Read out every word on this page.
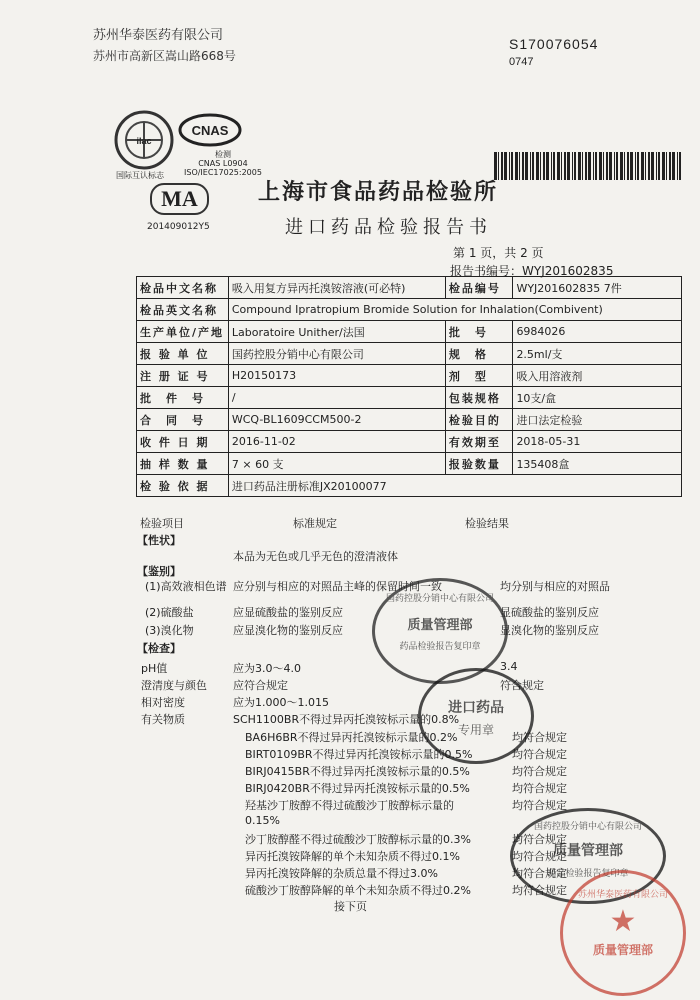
苏州华泰医药有限公司
苏州市高新区嵩山路668号
S170076054
0747
ilac
国际互认标志
CNAS
检测
CNAS L0904
ISO/IEC17025:2005
MA
201409012Y5
上海市食品药品检验所
进口药品检验报告书
第 1 页，共 2 页
报告书编号：WYJ201602835
检品中文名称	吸入用复方异丙托溴铵溶液(可必特)	检品编号	WYJ201602835 7件
检品英文名称	Compound Ipratropium Bromide Solution for Inhalation(Combivent)		
生产单位/产地	Laboratoire Unither/法国	批　号	6984026
报 验 单 位	国药控股分销中心有限公司	规　格	2.5ml/支
注 册 证 号	H20150173	剂　型	吸入用溶液剂
批　件　号	/	包装规格	10支/盒
合　同　号	WCQ-BL1609CCM500-2	检验目的	进口法定检验
收 件 日 期	2016-11-02	有效期至	2018-05-31
抽 样 数 量	7 × 60 支	报验数量	135408盒
检 验 依 据	进口药品注册标准JX20100077		
检验项目	标准规定	检验结果
【性状】
本品为无色或几乎无色的澄清液体
【鉴别】
(1)高效液相色谱 应分别与相应的对照品主峰的保留时间一致	均分别与相应的对照品
(2)硫酸盐	应显硫酸盐的鉴别反应	显硫酸盐的鉴别反应
(3)溴化物	应显溴化物的鉴别反应	显溴化物的鉴别反应
【检查】
pH值	应为3.0～4.0	3.4
澄清度与颜色 应符合规定	符合规定
相对密度	应为1.000～1.015
有关物质	SCH1100BR不得过异丙托溴铵标示量的0.8%
BA6H6BR不得过异丙托溴铵标示量的0.2%	均符合规定
BIRT0109BR不得过异丙托溴铵标示量的0.5%	均符合规定
BIRJ0415BR不得过异丙托溴铵标示量的0.5%	均符合规定
BIRJ0420BR不得过异丙托溴铵标示量的0.5%	均符合规定
羟基沙丁胺醇不得过硫酸沙丁胺醇标示量的	均符合规定
0.15%
沙丁胺醇醛不得过硫酸沙丁胺醇标示量的0.3%	均符合规定
异丙托溴铵降解的单个未知杂质不得过0.1%	均符合规定
异丙托溴铵降解的杂质总量不得过3.0%	均符合规定
硫酸沙丁胺醇降解的单个未知杂质不得过0.2%	均符合规定
接下页
国药控股分销中心有限公司
质量管理部
药品检验报告复印章
进口药品
专用章
国药控股分销中心有限公司
质量管理部
药品检验报告复印章
苏州华泰医药有限公司
★
质量管理部
